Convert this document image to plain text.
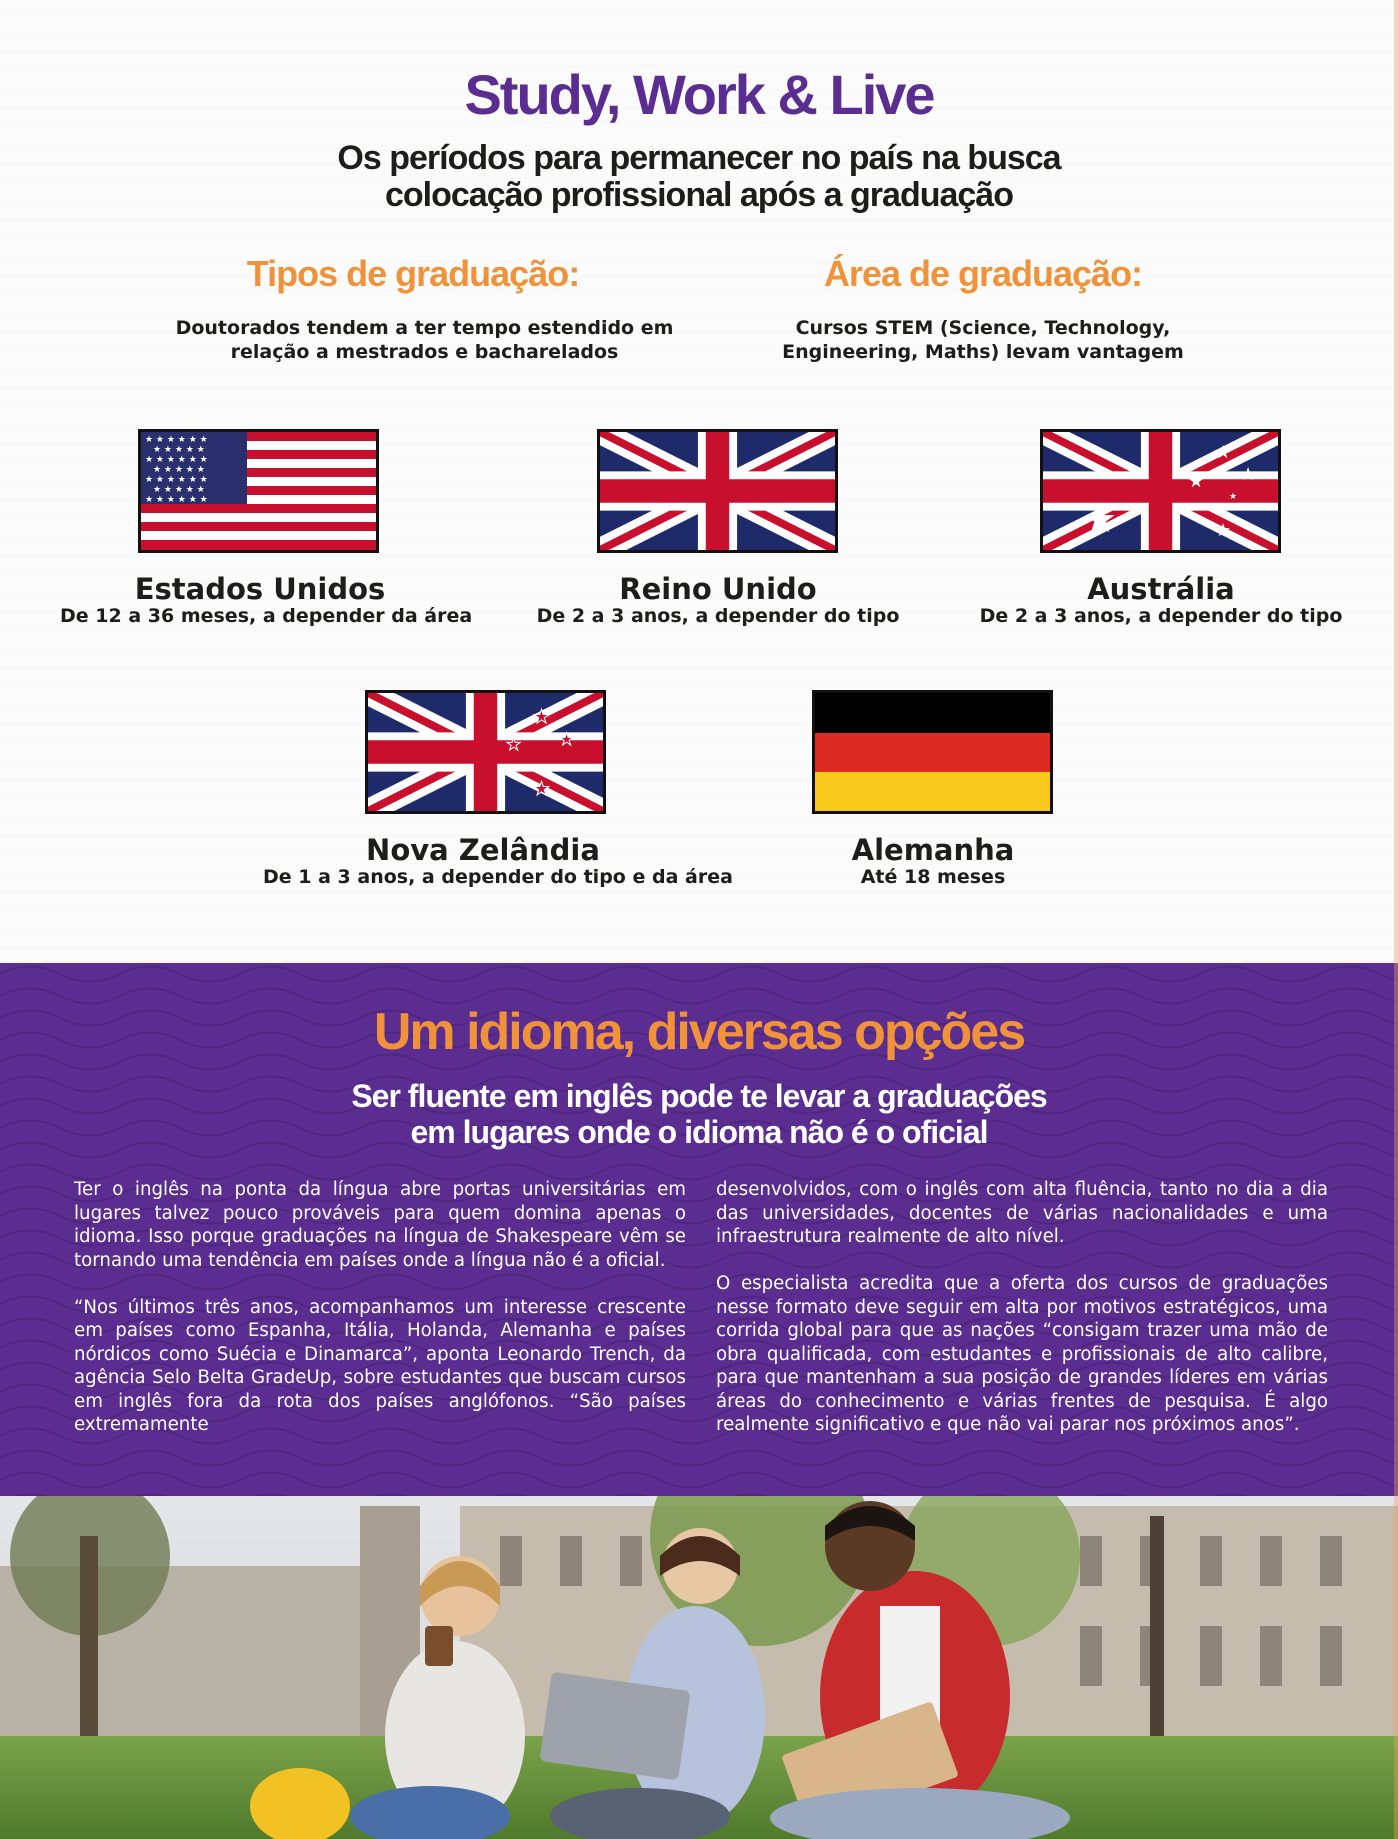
Study, Work & Live
Os períodos para permanecer no país na busca
colocação profissional após a graduação
Tipos de graduação:
Doutorados tendem a ter tempo estendido em
relação a mestrados e bacharelados
Área de graduação:
Cursos STEM (Science, Technology,
Engineering, Maths) levam vantagem
★ ★ ★ ★ ★ ★
★ ★ ★ ★ ★
★ ★ ★ ★ ★ ★
★ ★ ★ ★ ★
★ ★ ★ ★ ★ ★
★ ★ ★ ★ ★
★ ★ ★ ★ ★ ★
Estados Unidos
De 12 a 36 meses, a depender da área
Reino Unido
De 2 a 3 anos, a depender do tipo
★
★
★ ★
★
★
Austrália
De 2 a 3 anos, a depender do tipo
★
★ ★
★
Nova Zelândia
De 1 a 3 anos, a depender do tipo e da área
Alemanha
Até 18 meses
Um idioma, diversas opções
Ser fluente em inglês pode te levar a graduações
em lugares onde o idioma não é o oficial

Ter o inglês na ponta da língua abre portas universitárias em lugares talvez pouco prováveis para quem domina apenas o idioma. Isso porque graduações na língua de Shakespeare vêm se tornando uma tendência em países onde a língua não é a oficial.

“Nos últimos três anos, acompanhamos um interesse crescente em países como Espanha, Itália, Holanda, Alemanha e países nórdicos como Suécia e Dinamarca”, aponta Leonardo Trench, da agência Selo Belta GradeUp, sobre estudantes que buscam cursos em inglês fora da rota dos países anglófonos. “São países extremamente

desenvolvidos, com o inglês com alta fluência, tanto no dia a dia das universidades, docentes de várias nacionalidades e uma infraestrutura realmente de alto nível.

O especialista acredita que a oferta dos cursos de graduações nesse formato deve seguir em alta por motivos estratégicos, uma corrida global para que as nações “consigam trazer uma mão de obra qualificada, com estudantes e profissionais de alto calibre, para que mantenham a sua posição de grandes líderes em várias áreas do conhecimento e várias frentes de pesquisa. É algo realmente significativo e que não vai parar nos próximos anos”.
